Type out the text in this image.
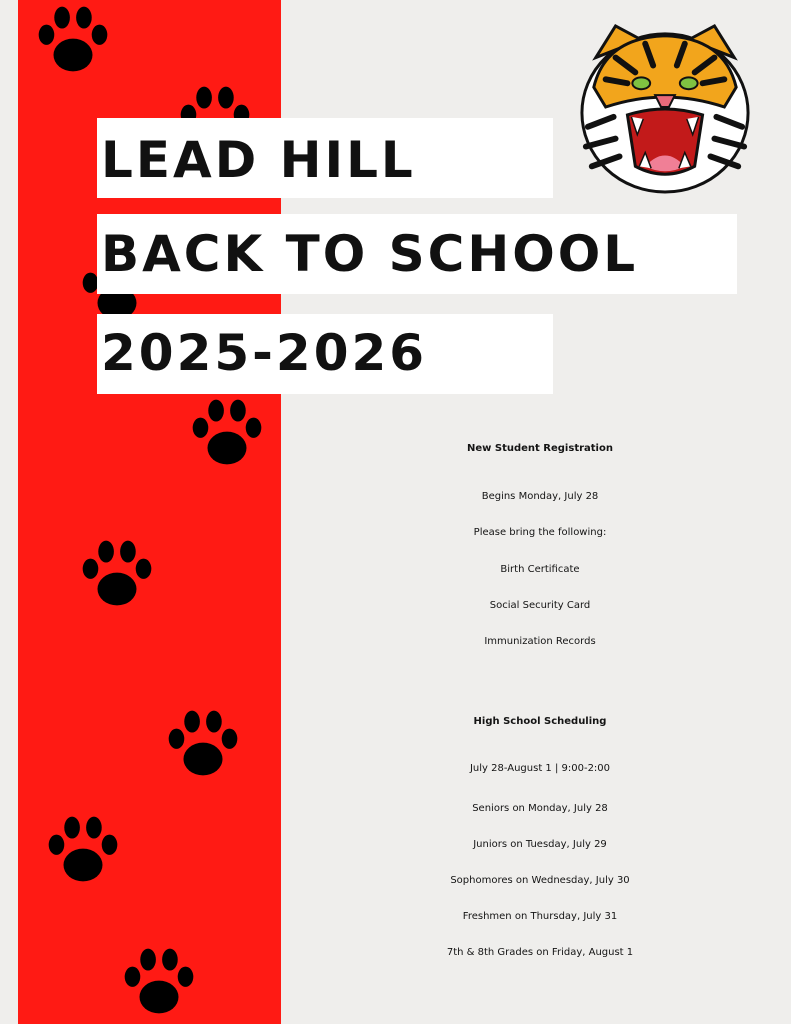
LEAD HILL
BACK TO SCHOOL
2025-2026
New Student Registration
Begins Monday, July 28
Please bring the following:
Birth Certificate
Social Security Card
Immunization Records
High School Scheduling
July 28-August 1 | 9:00-2:00
Seniors on Monday, July 28
Juniors on Tuesday, July 29
Sophomores on Wednesday, July 30
Freshmen on Thursday, July 31
7th & 8th Grades on Friday, August 1
